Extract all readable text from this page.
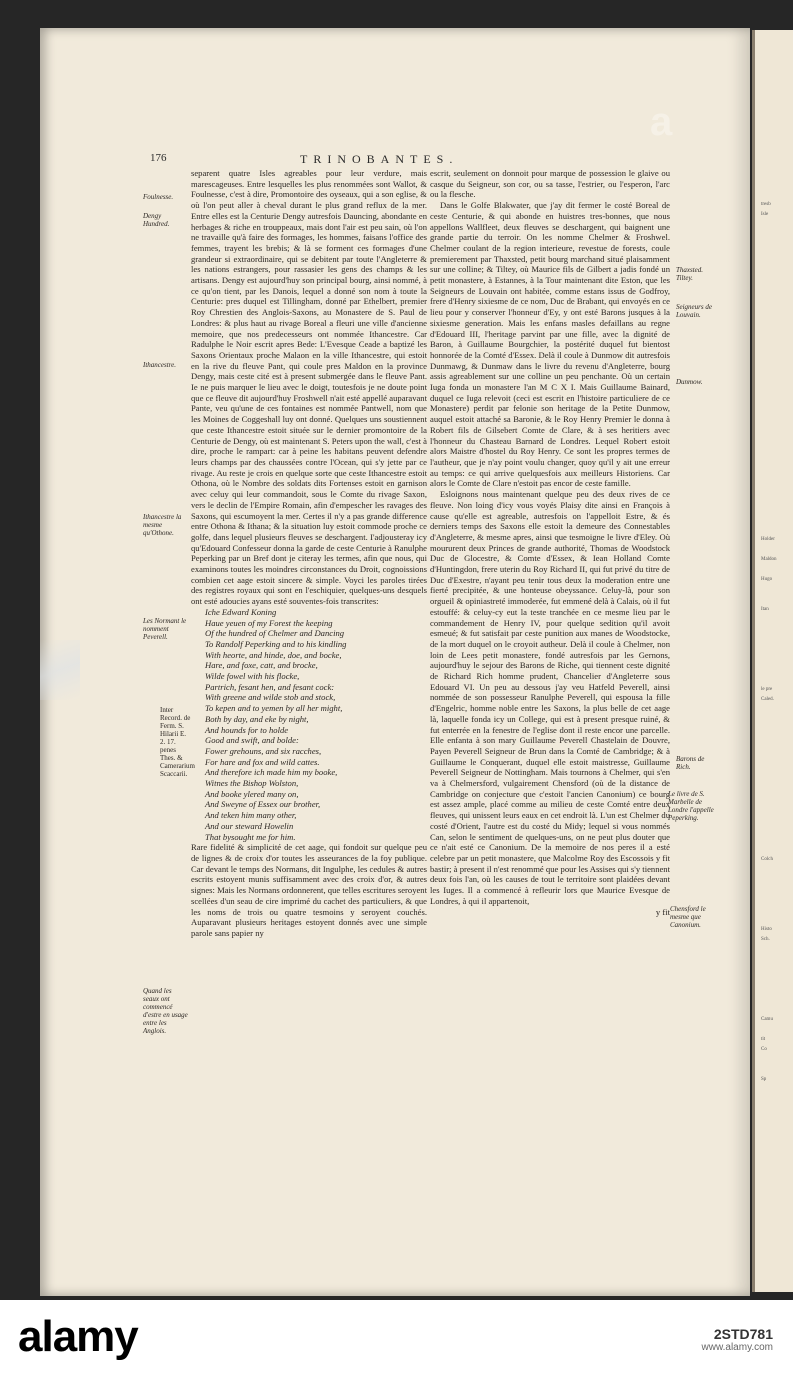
tresb
Isle
Holder
Maldon
Hugo
Itan
le pre
Caled.
Colch
Histo
Sch.
Camu
tit
Co
Sp
176	TRINOBANTES.
Foulnesse.
Dengy Hundred.
Ithancestre.
Ithancestre la mesme qu'Othone.
Les Normant le nomment Peverell.
Inter Record. de Ferm. S. Hilarii E. 2. 17. penes Thes. & Camerarium Scaccarii.
Quand les seaux ont commencé d'estre en usage entre les Anglois.
Thaxsted. Tiltey.
Seigneurs de Louvain.
Dunmow.
Barons de Rich.
Le livre de S. Marbelle de Londre l'appelle Peperking.
Chensford le mesme que Canonium.

separent quatre Isles agreables pour leur verdure, mais marescageuses. Entre lesquelles les plus renommées sont Wallot, & Foulnesse, c'est à dire, Promontoire des oyseaux, qui a son eglise, & où l'on peut aller à cheval durant le plus grand reflux de la mer. Entre elles est la Centurie Dengy autresfois Dauncing, abondante en herbages & riche en trouppeaux, mais dont l'air est peu sain, où l'on ne travaille qu'à faire des formages, les hommes, faisans l'office des femmes, trayent les brebis; & là se forment ces formages d'une grandeur si extraordinaire, qui se debitent par toute l'Angleterre & les nations estrangers, pour rassasier les gens des champs & les artisans. Dengy est aujourd'huy son principal bourg, ainsi nommé, à ce qu'on tient, par les Danois, lequel a donné son nom à toute la Centurie: pres duquel est Tillingham, donné par Ethelbert, premier Roy Chrestien des Anglois-Saxons, au Monastere de S. Paul de Londres: & plus haut au rivage Boreal a fleuri une ville d'ancienne memoire, que nos predecesseurs ont nommée Ithancestre. Car Radulphe le Noir escrit apres Bede: L'Evesque Ceade a baptizé les Saxons Orientaux proche Malaon en la ville Ithancestre, qui estoit en la rive du fleuve Pant, qui coule pres Maldon en la province Dengy, mais ceste cité est à present submergée dans le fleuve Pant. Ie ne puis marquer le lieu avec le doigt, toutesfois je ne doute point que ce fleuve dit aujourd'huy Froshwell n'ait esté appellé auparavant Pante, veu qu'une de ces fontaines est nommée Pantwell, nom que les Moines de Coggeshall luy ont donné. Quelques uns soustiennent que ceste Ithancestre estoit située sur le dernier promontoire de la Centurie de Dengy, où est maintenant S. Peters upon the wall, c'est à dire, proche le rampart: car à peine les habitans peuvent defendre leurs champs par des chaussées contre l'Ocean, qui s'y jette par ce rivage. Au reste je crois en quelque sorte que ceste Ithancestre estoit Othona, où le Nombre des soldats dits Fortenses estoit en garnison avec celuy qui leur commandoit, sous le Comte du rivage Saxon, vers le declin de l'Empire Romain, afin d'empescher les ravages des Saxons, qui escumoyent la mer. Certes il n'y a pas grande difference entre Othona & Ithana; & la situation luy estoit commode proche ce golfe, dans lequel plusieurs fleuves se deschargent. I'adjousteray icy qu'Edouard Confesseur donna la garde de ceste Centurie à Ranulphe Peperking par un Bref dont je citeray les termes, afin que nous, qui examinons toutes les moindres circonstances du Droit, cognoissions combien cet aage estoit sincere & simple. Voyci les paroles tirées des registres royaux qui sont en l'eschiquier, quelques-uns desquels ont esté adoucies ayans esté souventes-fois transcrites:

Iche Edward Koning
Haue yeuen of my Forest the keeping
Of the hundred of Chelmer and Dancing
To Randolf Peperking and to his kindling
With heorte, and hinde, doe, and bocke,
Hare, and foxe, catt, and brocke,
Wilde fowel with his flocke,
Partrich, fesant hen, and fesant cock:
With greene and wilde stob and stock,
To kepen and to yemen by all her might,
Both by day, and eke by night,
And hounds for to holde
Good and swift, and bolde:
Fower grehouns, and six racches,
For hare and fox and wild cattes.
And therefore ich made him my booke,
Witnes the Bishop Wolston,
And booke ylered many on,
And Sweyne of Essex our brother,
And teken him many other,
And our steward Howelin
That bysought me for him.

Rare fidelité & simplicité de cet aage, qui fondoit sur quelque peu de lignes & de croix d'or toutes les asseurances de la foy publique. Car devant le temps des Normans, dit Ingulphe, les cedules & autres escrits estoyent munis suffisamment avec des croix d'or, & autres signes: Mais les Normans ordonnerent, que telles escritures seroyent scellées d'un seau de cire imprimé du cachet des particuliers, & que les noms de trois ou quatre tesmoins y seroyent couchés. Auparavant plusieurs heritages estoyent donnés avec une simple parole sans papier ny

escrit, seulement on donnoit pour marque de possession le glaive ou casque du Seigneur, son cor, ou sa tasse, l'estrier, ou l'esperon, l'arc ou la flesche.

Dans le Golfe Blakwater, que j'ay dit fermer le costé Boreal de ceste Centurie, & qui abonde en huistres tres-bonnes, que nous appellons Wallfleet, deux fleuves se deschargent, qui baignent une grande partie du terroir. On les nomme Chelmer & Froshwel. Chelmer coulant de la region interieure, revestue de forests, coule premierement par Thaxsted, petit bourg marchand situé plaisamment sur une colline; & Tiltey, où Maurice fils de Gilbert a jadis fondé un petit monastere, à Estannes, à la Tour maintenant dite Eston, que les Seigneurs de Louvain ont habitée, comme estans issus de Godfroy, frere d'Henry sixiesme de ce nom, Duc de Brabant, qui envoyés en ce lieu pour y conserver l'honneur d'Ey, y ont esté Barons jusques à la sixiesme generation. Mais les enfans masles defaillans au regne d'Edouard III, l'heritage parvint par une fille, avec la dignité de Baron, à Guillaume Bourgchier, la postérité duquel fut bientost honnorée de la Comté d'Essex. Delà il coule à Dunmow dit autresfois Dunmawg, & Dunmaw dans le livre du revenu d'Angleterre, bourg assis agreablement sur une colline un peu penchante. Où un certain Iuga fonda un monastere l'an M C X I. Mais Guillaume Bainard, duquel ce Iuga relevoit (ceci est escrit en l'histoire particuliere de ce Monastere) perdit par felonie son heritage de la Petite Dunmow, auquel estoit attaché sa Baronie, & le Roy Henry Premier le donna à Robert fils de Gilsebert Comte de Clare, & à ses heritiers avec l'honneur du Chasteau Barnard de Londres. Lequel Robert estoit alors Maistre d'hostel du Roy Henry. Ce sont les propres termes de l'autheur, que je n'ay point voulu changer, quoy qu'il y ait une erreur au temps: ce qui arrive quelquesfois aux meilleurs Historiens. Car alors le Comte de Clare n'estoit pas encor de ceste famille.

Esloignons nous maintenant quelque peu des deux rives de ce fleuve. Non loing d'icy vous voyés Plaisy dite ainsi en François à cause qu'elle est agreable, autresfois on l'appelloit Estre, & és derniers temps des Saxons elle estoit la demeure des Connestables d'Angleterre, & mesme apres, ainsi que tesmoigne le livre d'Eley. Où moururent deux Princes de grande authorité, Thomas de Woodstock Duc de Glocestre, & Comte d'Essex, & Iean Holland Comte d'Huntingdon, frere uterin du Roy Richard II, qui fut privé du titre de Duc d'Exestre, n'ayant peu tenir tous deux la moderation entre une fierté precipitée, & une honteuse obeyssance. Celuy-là, pour son orgueil & opiniastreté immoderée, fut emmené delà à Calais, où il fut estouffé: & celuy-cy eut la teste tranchée en ce mesme lieu par le commandement de Henry IV, pour quelque sedition qu'il avoit esmeué; & fut satisfait par ceste punition aux manes de Woodstocke, de la mort duquel on le croyoit autheur. Delà il coule à Chelmer, non loin de Lees petit monastere, fondé autresfois par les Gernons, aujourd'huy le sejour des Barons de Riche, qui tiennent ceste dignité de Richard Rich homme prudent, Chancelier d'Angleterre sous Edouard VI. Un peu au dessous j'ay veu Hatfeld Peverell, ainsi nommée de son possesseur Ranulphe Peverell, qui espousa la fille d'Engelric, homme noble entre les Saxons, la plus belle de cet aage là, laquelle fonda icy un College, qui est à present presque ruiné, & fut enterrée en la fenestre de l'eglise dont il reste encor une parcelle. Elle enfanta à son mary Guillaume Peverell Chastelain de Douvre, Payen Peverell Seigneur de Brun dans la Comté de Cambridge; & à Guillaume le Conquerant, duquel elle estoit maistresse, Guillaume Peverell Seigneur de Nottingham. Mais tournons à Chelmer, qui s'en va à Chelmersford, vulgairement Chensford (où de la distance de Cambridge on conjecture que c'estoit l'ancien Canonium) ce bourg est assez ample, placé comme au milieu de ceste Comté entre deux fleuves, qui unissent leurs eaux en cet endroit là. L'un est Chelmer du costé d'Orient, l'autre est du costé du Midy; lequel si vous nommés Can, selon le sentiment de quelques-uns, on ne peut plus douter que ce n'ait esté ce Canonium. De la memoire de nos peres il a esté celebre par un petit monastere, que Malcolme Roy des Escossois y fit bastir; à present il n'est renommé que pour les Assises qui s'y tiennent deux fois l'an, où les causes de tout le territoire sont plaidées devant les Iuges. Il a commencé à refleurir lors que Maurice Evesque de Londres, à qui il appartenoit,

y fit

a
alamy	2STD781
www.alamy.com
